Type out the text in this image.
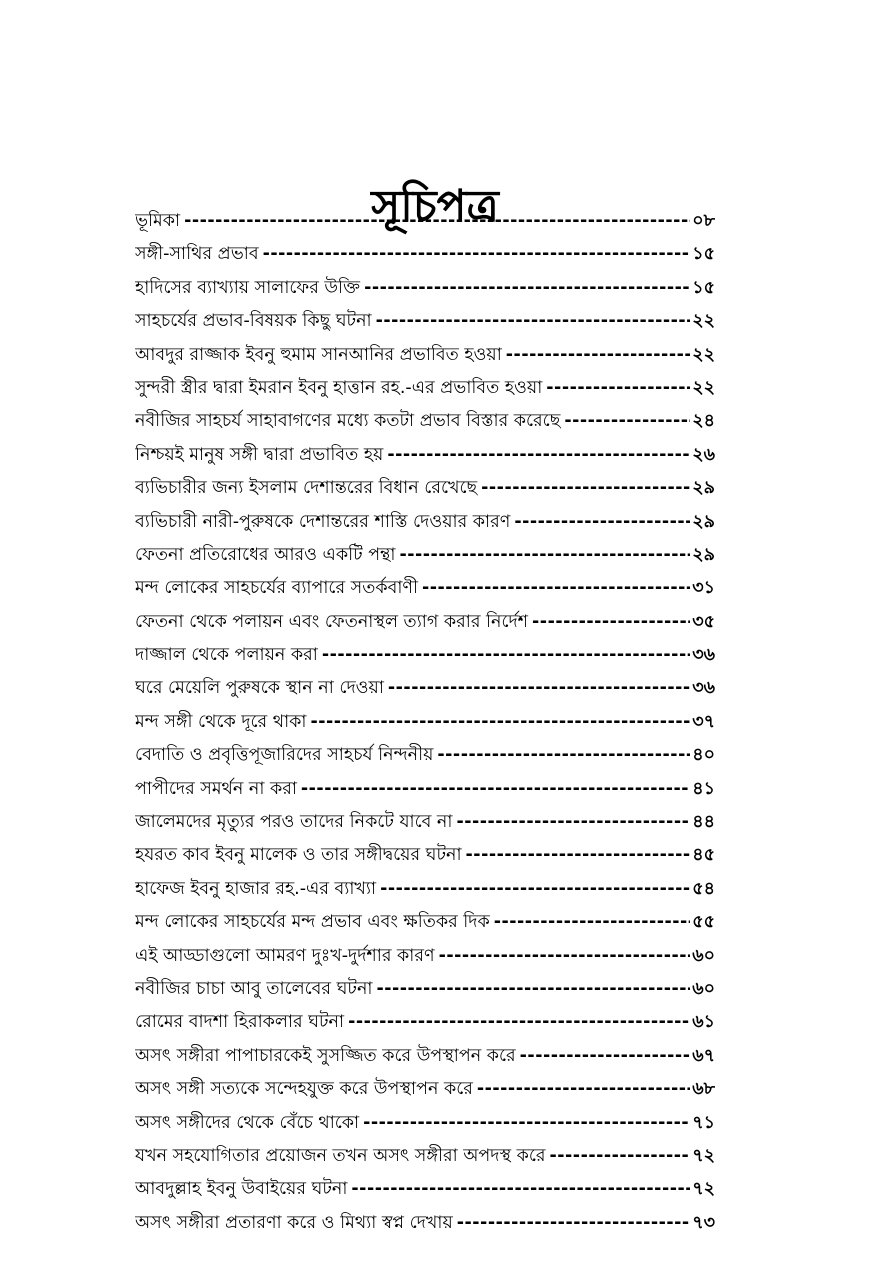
সূচিপত্র
ভূমিকা -----	০৮
সঙ্গী-সাথির প্রভাব -----	১৫
হাদিসের ব্যাখ্যায় সালাফের উক্তি -----	১৫
সাহচর্যের প্রভাব-বিষয়ক কিছু ঘটনা -----	২২
আবদুর রাজ্জাক ইবনু হুমাম সানআনির প্রভাবিত হওয়া -----	২২
সুন্দরী স্ত্রীর দ্বারা ইমরান ইবনু হাত্তান রহ.-এর প্রভাবিত হওয়া -----	২২
নবীজির সাহচর্য সাহাবাগণের মধ্যে কতটা প্রভাব বিস্তার করেছে -----	২৪
নিশ্চয়ই মানুষ সঙ্গী দ্বারা প্রভাবিত হয় -----	২৬
ব্যভিচারীর জন্য ইসলাম দেশান্তরের বিধান রেখেছে -----	২৯
ব্যভিচারী নারী-পুরুষকে দেশান্তরের শাস্তি দেওয়ার কারণ -----	২৯
ফেতনা প্রতিরোধের আরও একটি পন্থা -----	২৯
মন্দ লোকের সাহচর্যের ব্যাপারে সতর্কবাণী -----	৩১
ফেতনা থেকে পলায়ন এবং ফেতনাস্থল ত্যাগ করার নির্দেশ -----	৩৫
দাজ্জাল থেকে পলায়ন করা -----	৩৬
ঘরে মেয়েলি পুরুষকে স্থান না দেওয়া -----	৩৬
মন্দ সঙ্গী থেকে দূরে থাকা -----	৩৭
বেদাতি ও প্রবৃত্তিপূজারিদের সাহচর্য নিন্দনীয় -----	৪০
পাপীদের সমর্থন না করা -----	৪১
জালেমদের মৃত্যুর পরও তাদের নিকটে যাবে না -----	৪৪
হযরত কাব ইবনু মালেক ও তার সঙ্গীদ্বয়ের ঘটনা -----	৪৫
হাফেজ ইবনু হাজার রহ.-এর ব্যাখ্যা -----	৫৪
মন্দ লোকের সাহচর্যের মন্দ প্রভাব এবং ক্ষতিকর দিক -----	৫৫
এই আড্ডাগুলো আমরণ দুঃখ-দুর্দশার কারণ -----	৬০
নবীজির চাচা আবু তালেবের ঘটনা -----	৬০
রোমের বাদশা হিরাকলার ঘটনা -----	৬১
অসৎ সঙ্গীরা পাপাচারকেই সুসজ্জিত করে উপস্থাপন করে -----	৬৭
অসৎ সঙ্গী সত্যকে সন্দেহযুক্ত করে উপস্থাপন করে -----	৬৮
অসৎ সঙ্গীদের থেকে বেঁচে থাকো -----	৭১
যখন সহযোগিতার প্রয়োজন তখন অসৎ সঙ্গীরা অপদস্থ করে -----	৭২
আবদুল্লাহ ইবনু উবাইয়ের ঘটনা -----	৭২
অসৎ সঙ্গীরা প্রতারণা করে ও মিথ্যা স্বপ্ন দেখায় -----	৭৩
